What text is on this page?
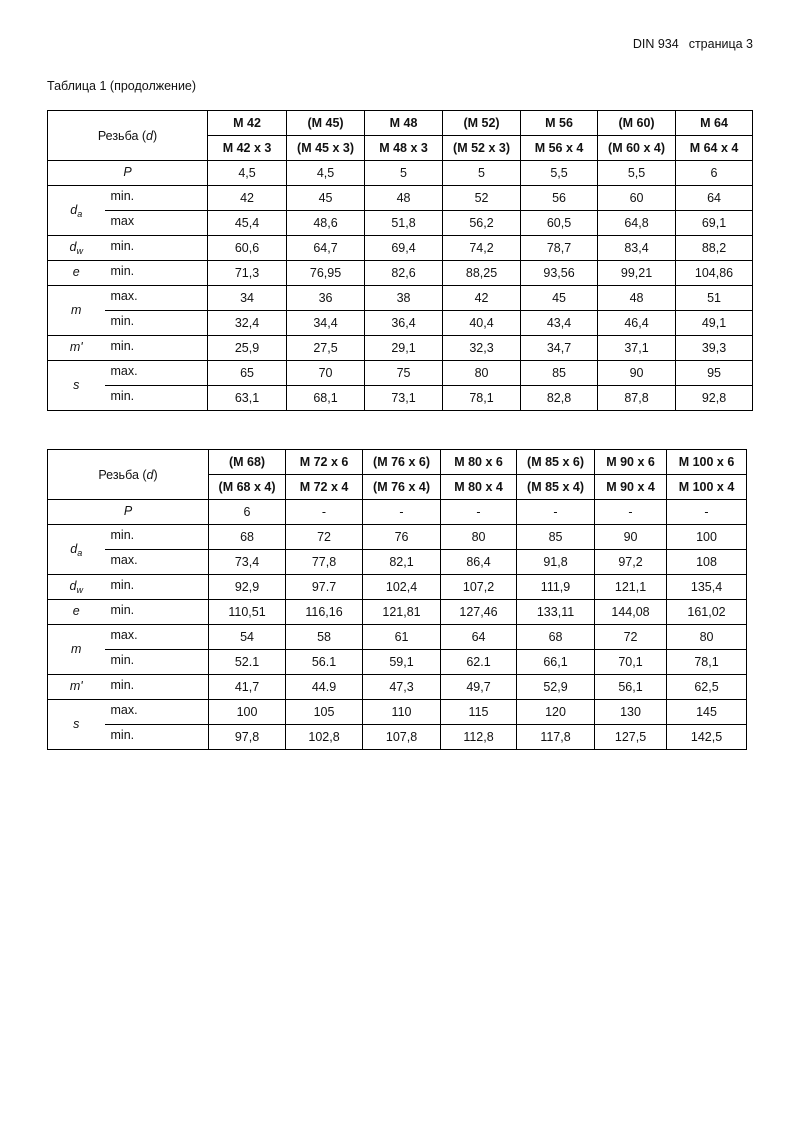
DIN 934 страница 3
Таблица 1 (продолжение)
Резьба (d)		M 42	(M 45)	M 48	(M 52)	M 56	(M 60)	M 64
		M 42 x 3	(M 45 x 3)	M 48 x 3	(M 52 x 3)	M 56 x 4	(M 60 x 4)	M 64 x 4
P		4,5	4,5	5	5	5,5	5,5	6
$d_a$	min.	42	45	48	52	56	60	64
	max	45,4	48,6	51,8	56,2	60,5	64,8	69,1
$d_w$	min.	60,6	64,7	69,4	74,2	78,7	83,4	88,2
e	min.	71,3	76,95	82,6	88,25	93,56	99,21	104,86
m	max.	34	36	38	42	45	48	51
	min.	32,4	34,4	36,4	40,4	43,4	46,4	49,1
m'	min.	25,9	27,5	29,1	32,3	34,7	37,1	39,3
s	max.	65	70	75	80	85	90	95
	min.	63,1	68,1	73,1	78,1	82,8	87,8	92,8
Резьба (d)		(M 68)	M 72 x 6	(M 76 x 6)	M 80 x 6	(M 85 x 6)	M 90 x 6	M 100 x 6
		(M 68 x 4)	M 72 x 4	(M 76 x 4)	M 80 x 4	(M 85 x 4)	M 90 x 4	M 100 x 4
P		6	-	-	-	-	-	-
$d_a$	min.	68	72	76	80	85	90	100
	max.	73,4	77,8	82,1	86,4	91,8	97,2	108
$d_w$	min.	92,9	97.7	102,4	107,2	111,9	121,1	135,4
e	min.	110,51	116,16	121,81	127,46	133,11	144,08	161,02
m	max.	54	58	61	64	68	72	80
	min.	52.1	56.1	59,1	62.1	66,1	70,1	78,1
m'	min.	41,7	44.9	47,3	49,7	52,9	56,1	62,5
s	max.	100	105	110	115	120	130	145
	min.	97,8	102,8	107,8	112,8	117,8	127,5	142,5
